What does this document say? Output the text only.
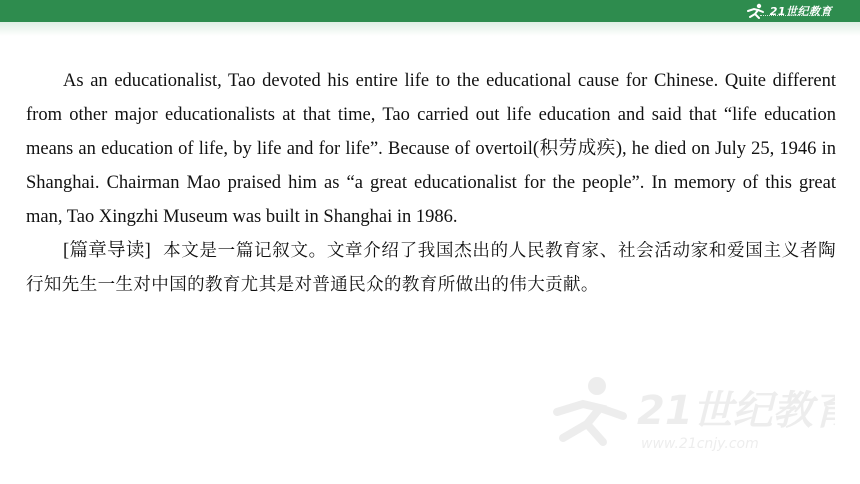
21世纪教育

As an educationalist, Tao devoted his entire life to the educational cause for Chinese. Quite different from other major educationalists at that time, Tao carried out life education and said that “life education means an education of life, by life and for life”. Because of overtoil(积劳成疾), he died on July 25, 1946 in Shanghai. Chairman Mao praised him as “a great educationalist for the people”. In memory of this great man, Tao Xingzhi Museum was built in Shanghai in 1986.

[篇章导读] 本文是一篇记叙文。文章介绍了我国杰出的人民教育家、社会活动家和爱国主义者陶行知先生一生对中国的教育尤其是对普通民众的教育所做出的伟大贡献。

21世纪教育
www.21cnjy.com
